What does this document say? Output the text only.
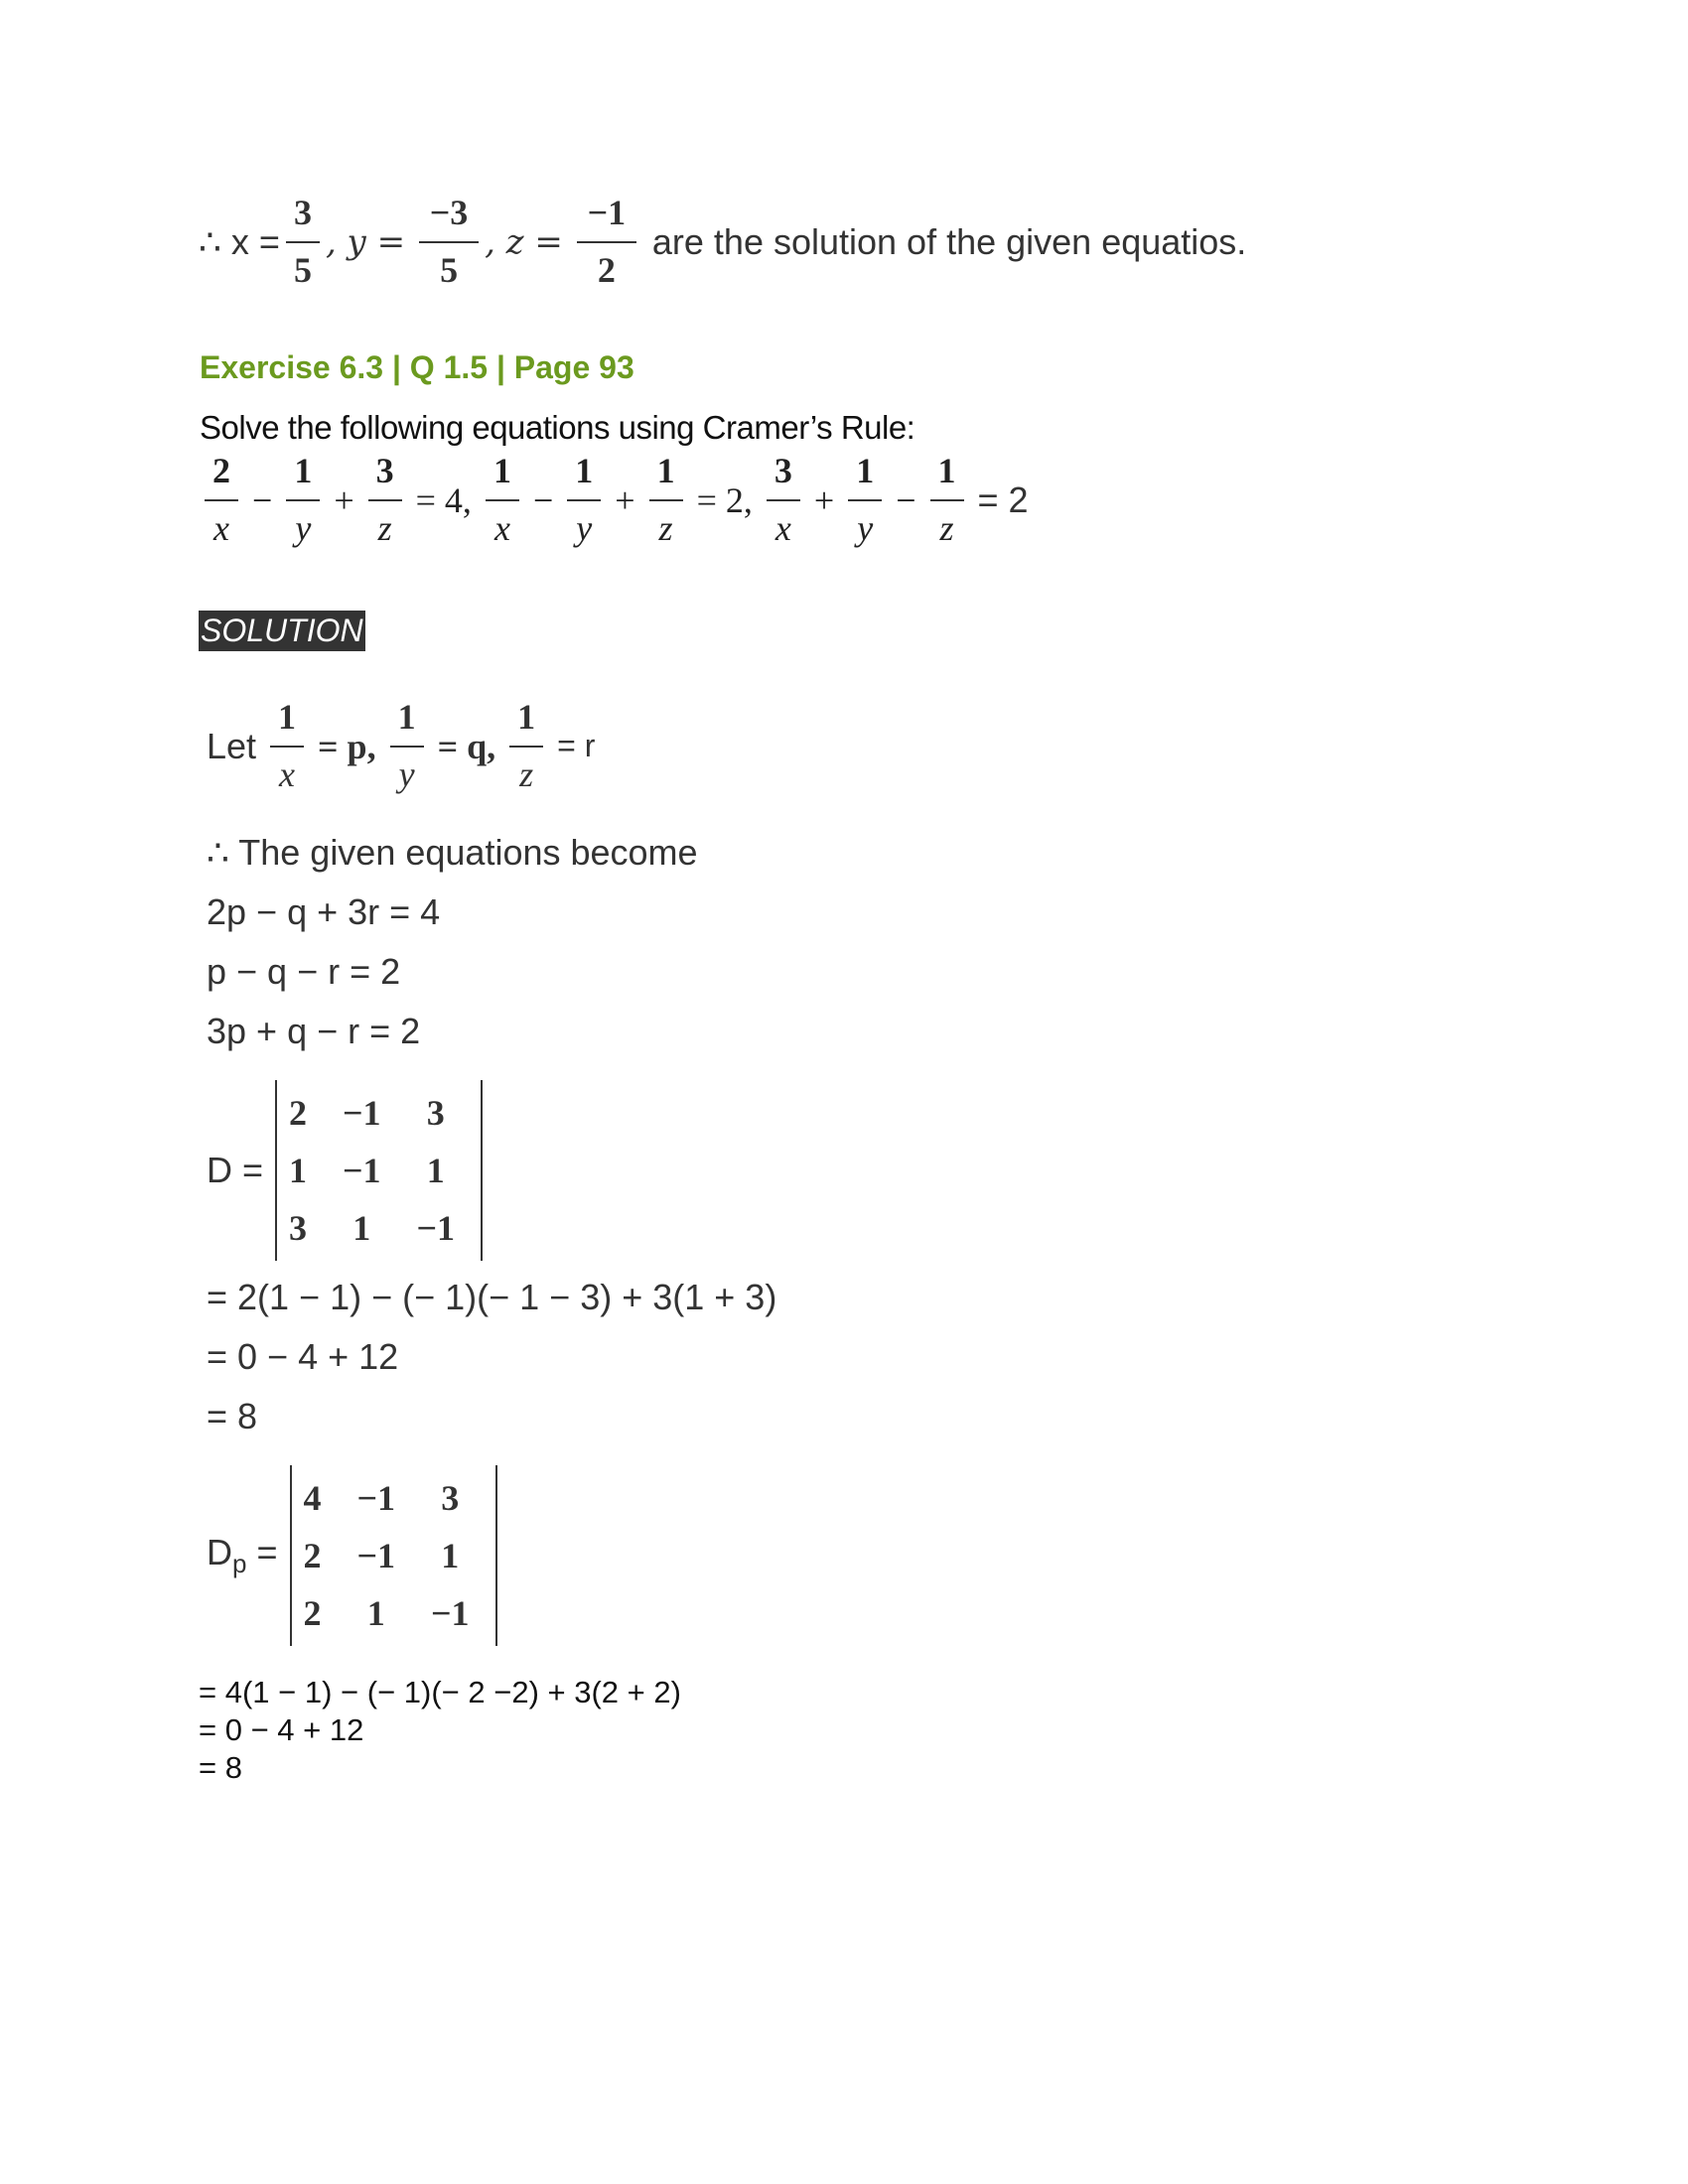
∴ $x = \frac{3}{5}$ , $y = \frac{-3}{5}$ , $z = \frac{-1}{2}$ are the solution of the given equatios.
Exercise 6.3 | Q 1.5 | Page 93
Solve the following equations using Cramer’s Rule:
$\frac{2}{x} - \frac{1}{y} + \frac{3}{z} = 4$, $\frac{1}{x} - \frac{1}{y} + \frac{1}{z} = 2$, $\frac{3}{x} + \frac{1}{y} - \frac{1}{z} = 2$
SOLUTION
Let $\frac{1}{x} = p$, $\frac{1}{y} = q$, $\frac{1}{z} = r$
∴ The given equations become
2p − q + 3r = 4
p − q − r = 2
3p + q − r = 2
D =
2	−1	3
1	−1	1
3	1	−1
= 2(1 − 1) − (− 1)(− 1 − 3) + 3(1 + 3)
= 0 − 4 + 12
= 8
$D_p$ =
4	−1	3
2	−1	1
2	1	−1
= 4(1 − 1) − (− 1)(− 2 −2) + 3(2 + 2)
= 0 − 4 + 12
= 8
